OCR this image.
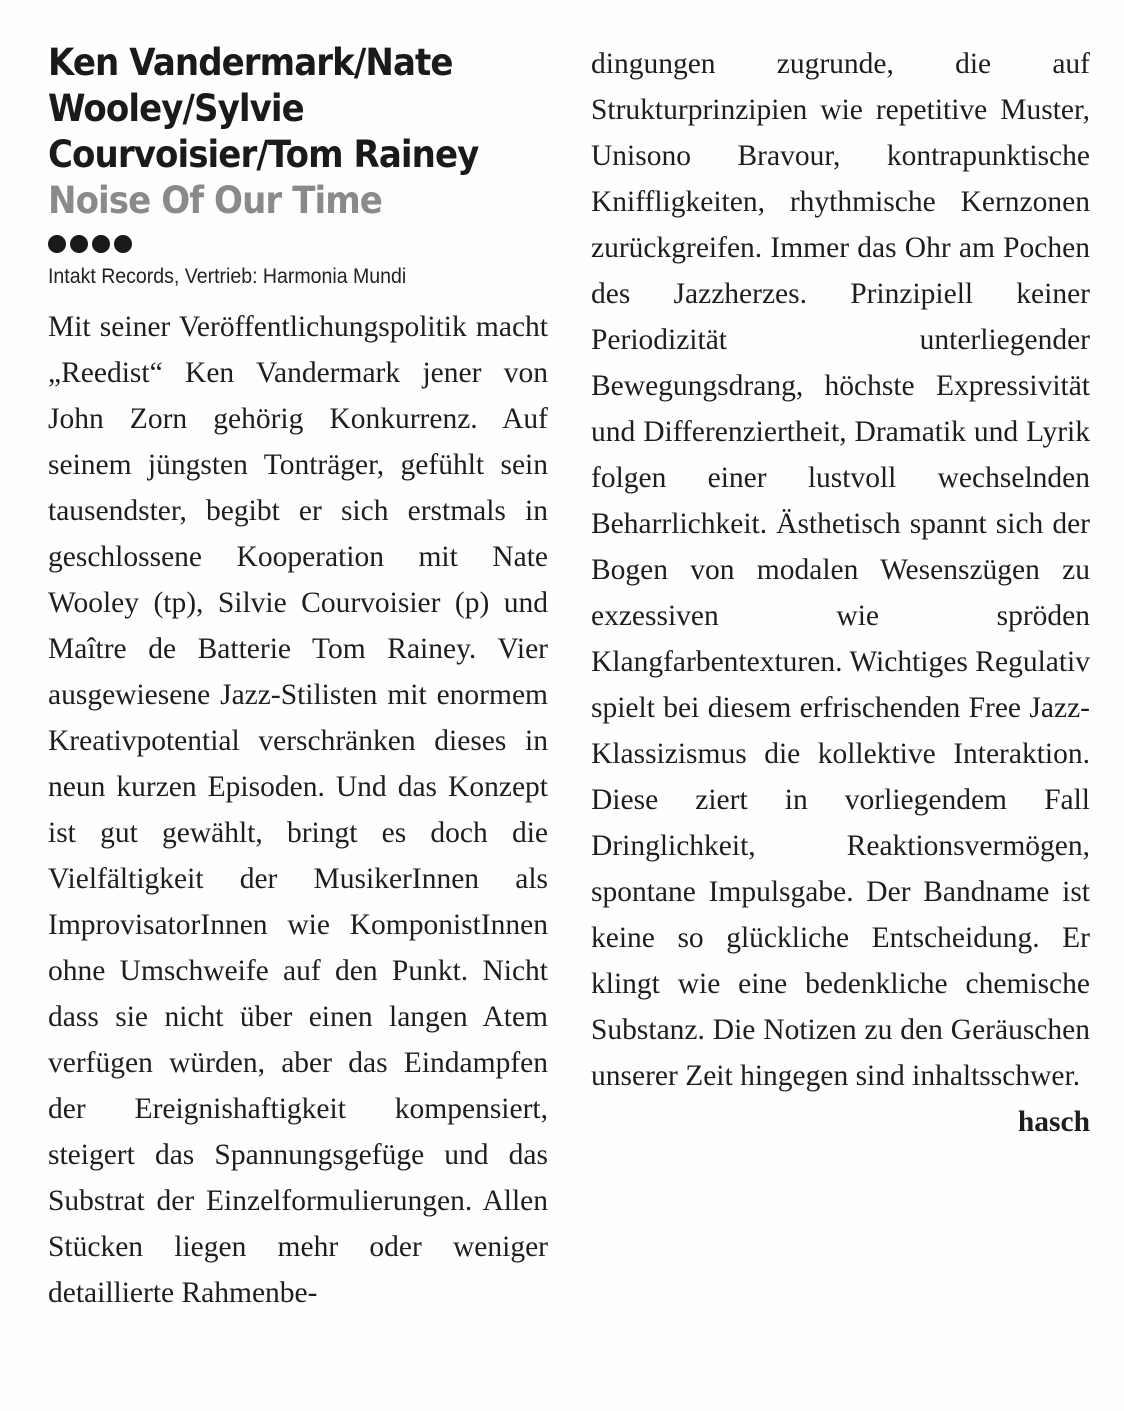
Ken Vandermark/Nate Wooley/Sylvie Courvoisier/Tom Rainey
Noise Of Our Time

Intakt Records, Vertrieb: Harmonia Mundi

Mit seiner Veröffentlichungspolitik macht „Reedist“ Ken Vandermark jener von John Zorn gehörig Konkurrenz. Auf seinem jüngsten Tonträger, gefühlt sein tausendster, begibt er sich erstmals in geschlossene Kooperation mit Nate Wooley (tp), Silvie Courvoisier (p) und Maître de Batterie Tom Rainey. Vier ausgewiesene Jazz-Stilisten mit enormem Kreativpotential verschränken dieses in neun kurzen Episoden. Und das Konzept ist gut gewählt, bringt es doch die Vielfältigkeit der MusikerInnen als ImprovisatorInnen wie KomponistInnen ohne Umschweife auf den Punkt. Nicht dass sie nicht über einen langen Atem verfügen würden, aber das Eindampfen der Ereignishaftigkeit kompensiert, steigert das Spannungsgefüge und das Substrat der Einzelformulierungen. Allen Stücken liegen mehr oder weniger detaillierte Rahmenbe-

dingungen zugrunde, die auf Strukturprinzipien wie repetitive Muster, Unisono Bravour, kontrapunktische Kniffligkeiten, rhythmische Kernzonen zurückgreifen. Immer das Ohr am Pochen des Jazzherzes. Prinzipiell keiner Periodizität unterliegender Bewegungsdrang, höchste Expressivität und Differenziertheit, Dramatik und Lyrik folgen einer lustvoll wechselnden Beharrlichkeit. Ästhetisch spannt sich der Bogen von modalen Wesenszügen zu exzessiven wie spröden Klangfarbentexturen. Wichtiges Regulativ spielt bei diesem erfrischenden Free Jazz-Klassizismus die kollektive Interaktion. Diese ziert in vorliegendem Fall Dringlichkeit, Reaktionsvermögen, spontane Impulsgabe. Der Bandname ist keine so glückliche Entscheidung. Er klingt wie eine bedenkliche chemische Substanz. Die Notizen zu den Geräuschen unserer Zeit hingegen sind inhaltsschwer.
hasch
